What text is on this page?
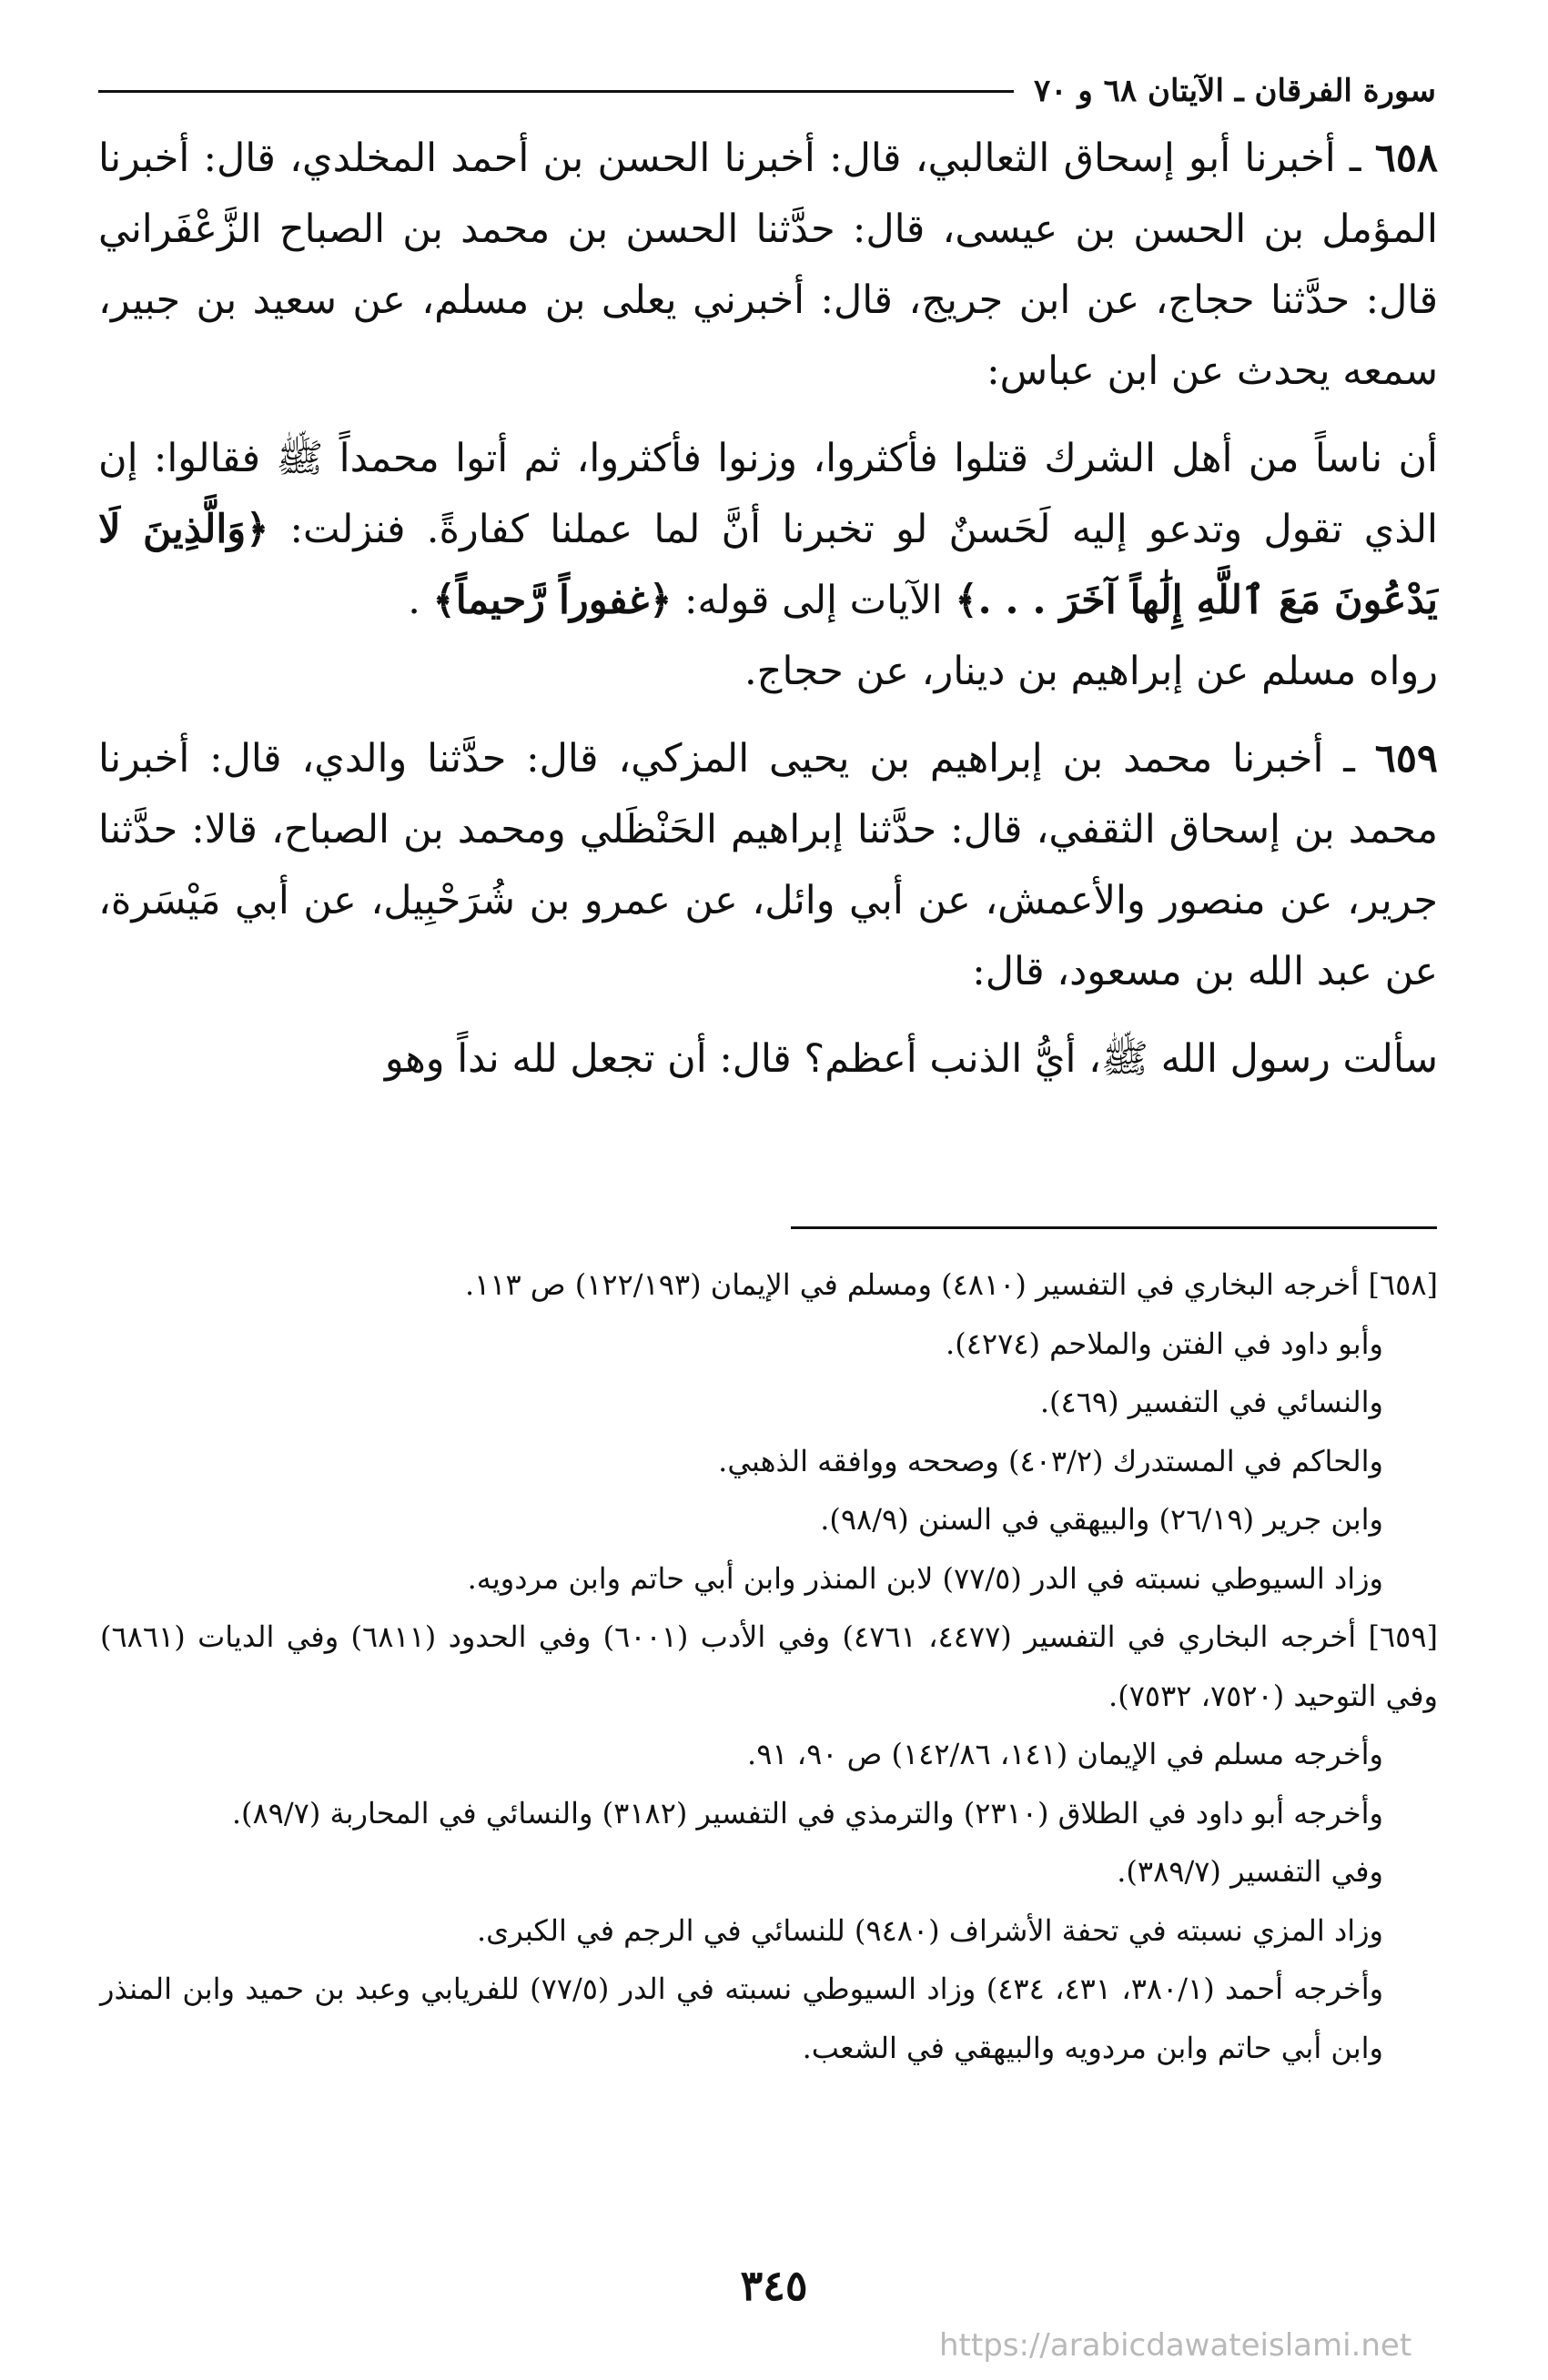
سورة الفرقان ـ الآيتان ٦٨ و ٧٠

٦٥٨ ـ أخبرنا أبو إسحاق الثعالبي، قال: أخبرنا الحسن بن أحمد المخلدي، قال: أخبرنا المؤمل بن الحسن بن عيسى، قال: حدَّثنا الحسن بن محمد بن الصباح الزَّعْفَراني قال: حدَّثنا حجاج، عن ابن جريج، قال: أخبرني يعلى بن مسلم، عن سعيد بن جبير، سمعه يحدث عن ابن عباس:

أن ناساً من أهل الشرك قتلوا فأكثروا، وزنوا فأكثروا، ثم أتوا محمداً ﷺ فقالوا: إن الذي تقول وتدعو إليه لَحَسنٌ لو تخبرنا أنَّ لما عملنا كفارةً. فنزلت: ﴿وَالَّذِينَ لَا يَدْعُونَ مَعَ ٱللَّهِ إِلَٰهاً آخَرَ . . .﴾ الآيات إلى قوله: ﴿غفوراً رَّحيماً﴾ .

رواه مسلم عن إبراهيم بن دينار، عن حجاج.

٦٥٩ ـ أخبرنا محمد بن إبراهيم بن يحيى المزكي، قال: حدَّثنا والدي، قال: أخبرنا محمد بن إسحاق الثقفي، قال: حدَّثنا إبراهيم الحَنْظَلي ومحمد بن الصباح، قالا: حدَّثنا جرير، عن منصور والأعمش، عن أبي وائل، عن عمرو بن شُرَحْبِيل، عن أبي مَيْسَرة، عن عبد الله بن مسعود، قال:

سألت رسول الله ﷺ، أيُّ الذنب أعظم؟ قال: أن تجعل لله نداً وهو

[٦٥٨] أخرجه البخاري في التفسير (٤٨١٠) ومسلم في الإيمان (١٢٢/١٩٣) ص ١١٣.

وأبو داود في الفتن والملاحم (٤٢٧٤).

والنسائي في التفسير (٤٦٩).

والحاكم في المستدرك (٤٠٣/٢) وصححه ووافقه الذهبي.

وابن جرير (٢٦/١٩) والبيهقي في السنن (٩٨/٩).

وزاد السيوطي نسبته في الدر (٧٧/٥) لابن المنذر وابن أبي حاتم وابن مردويه.

[٦٥٩] أخرجه البخاري في التفسير (٤٤٧٧، ٤٧٦١) وفي الأدب (٦٠٠١) وفي الحدود (٦٨١١) وفي الديات (٦٨٦١) وفي التوحيد (٧٥٢٠، ٧٥٣٢).

وأخرجه مسلم في الإيمان (١٤١، ١٤٢/٨٦) ص ٩٠، ٩١.

وأخرجه أبو داود في الطلاق (٢٣١٠) والترمذي في التفسير (٣١٨٢) والنسائي في المحاربة (٨٩/٧).

وفي التفسير (٣٨٩/٧).

وزاد المزي نسبته في تحفة الأشراف (٩٤٨٠) للنسائي في الرجم في الكبرى.

وأخرجه أحمد (٣٨٠/١، ٤٣١، ٤٣٤) وزاد السيوطي نسبته في الدر (٧٧/٥) للفريابي وعبد بن حميد وابن المنذر وابن أبي حاتم وابن مردويه والبيهقي في الشعب.

٣٤٥
https://arabicdawateislami.net
